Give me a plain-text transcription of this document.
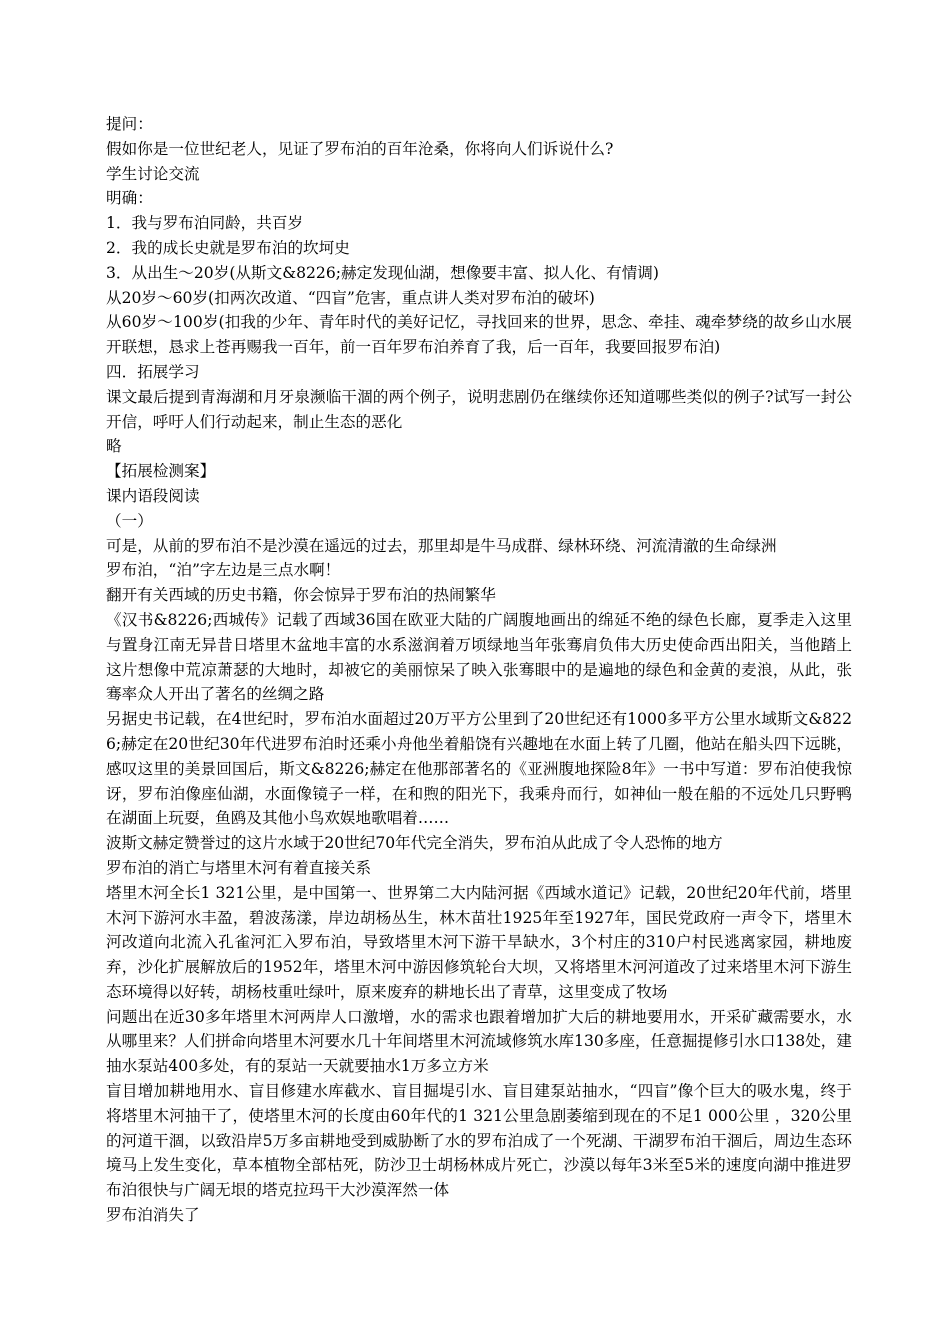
提问：

假如你是一位世纪老人，见证了罗布泊的百年沧桑，你将向人们诉说什么?

学生讨论交流

明确：

1．我与罗布泊同龄，共百岁

2．我的成长史就是罗布泊的坎坷史

3．从出生～20岁(从斯文&8226;赫定发现仙湖，想像要丰富、拟人化、有情调)

从20岁～60岁(扣两次改道、“四盲”危害，重点讲人类对罗布泊的破坏)

从60岁～100岁(扣我的少年、青年时代的美好记忆，寻找回来的世界，思念、牵挂、魂牵梦绕的故乡山水展开联想，恳求上苍再赐我一百年，前一百年罗布泊养育了我，后一百年，我要回报罗布泊)

四．拓展学习

课文最后提到青海湖和月牙泉濒临干涸的两个例子，说明悲剧仍在继续你还知道哪些类似的例子?试写一封公开信，呼吁人们行动起来，制止生态的恶化

略

【拓展检测案】

课内语段阅读

（一）

可是，从前的罗布泊不是沙漠在遥远的过去，那里却是牛马成群、绿林环绕、河流清澈的生命绿洲

罗布泊，“泊”字左边是三点水啊！

翻开有关西域的历史书籍，你会惊异于罗布泊的热闹繁华

《汉书&8226;西城传》记载了西域36国在欧亚大陆的广阔腹地画出的绵延不绝的绿色长廊，夏季走入这里与置身江南无异昔日塔里木盆地丰富的水系滋润着万顷绿地当年张骞肩负伟大历史使命西出阳关，当他踏上这片想像中荒凉萧瑟的大地时，却被它的美丽惊呆了映入张骞眼中的是遍地的绿色和金黄的麦浪，从此，张骞率众人开出了著名的丝绸之路

另据史书记载，在4世纪时，罗布泊水面超过20万平方公里到了20世纪还有1000多平方公里水域斯文&8226;赫定在20世纪30年代进罗布泊时还乘小舟他坐着船饶有兴趣地在水面上转了几圈，他站在船头四下远眺，感叹这里的美景回国后，斯文&8226;赫定在他那部著名的《亚洲腹地探险8年》一书中写道：罗布泊使我惊讶，罗布泊像座仙湖，水面像镜子一样，在和煦的阳光下，我乘舟而行，如神仙一般在船的不远处几只野鸭在湖面上玩耍，鱼鸥及其他小鸟欢娱地歌唱着……

波斯文赫定赞誉过的这片水域于20世纪70年代完全消失，罗布泊从此成了令人恐怖的地方

罗布泊的消亡与塔里木河有着直接关系

塔里木河全长1 321公里，是中国第一、世界第二大内陆河据《西域水道记》记载，20世纪20年代前，塔里木河下游河水丰盈，碧波荡漾，岸边胡杨丛生，林木苗壮1925年至1927年，国民党政府一声令下，塔里木河改道向北流入孔雀河汇入罗布泊，导致塔里木河下游干旱缺水，3个村庄的310户村民逃离家园，耕地废弃，沙化扩展解放后的1952年，塔里木河中游因修筑轮台大坝，又将塔里木河河道改了过来塔里木河下游生态环境得以好转，胡杨枝重吐绿叶，原来废弃的耕地长出了青草，这里变成了牧场

问题出在近30多年塔里木河两岸人口激增，水的需求也跟着增加扩大后的耕地要用水，开采矿藏需要水，水从哪里来？人们拼命向塔里木河要水几十年间塔里木河流域修筑水库130多座，任意掘提修引水口138处，建抽水泵站400多处，有的泵站一天就要抽水1万多立方米

盲目增加耕地用水、盲目修建水库截水、盲目掘堤引水、盲目建泵站抽水，“四盲”像个巨大的吸水鬼，终于将塔里木河抽干了，使塔里木河的长度由60年代的1 321公里急剧萎缩到现在的不足1 000公里 ，320公里的河道干涸，以致沿岸5万多亩耕地受到威胁断了水的罗布泊成了一个死湖、干湖罗布泊干涸后，周边生态环境马上发生变化，草本植物全部枯死，防沙卫士胡杨林成片死亡，沙漠以每年3米至5米的速度向湖中推进罗布泊很快与广阔无垠的塔克拉玛干大沙漠浑然一体

罗布泊消失了
